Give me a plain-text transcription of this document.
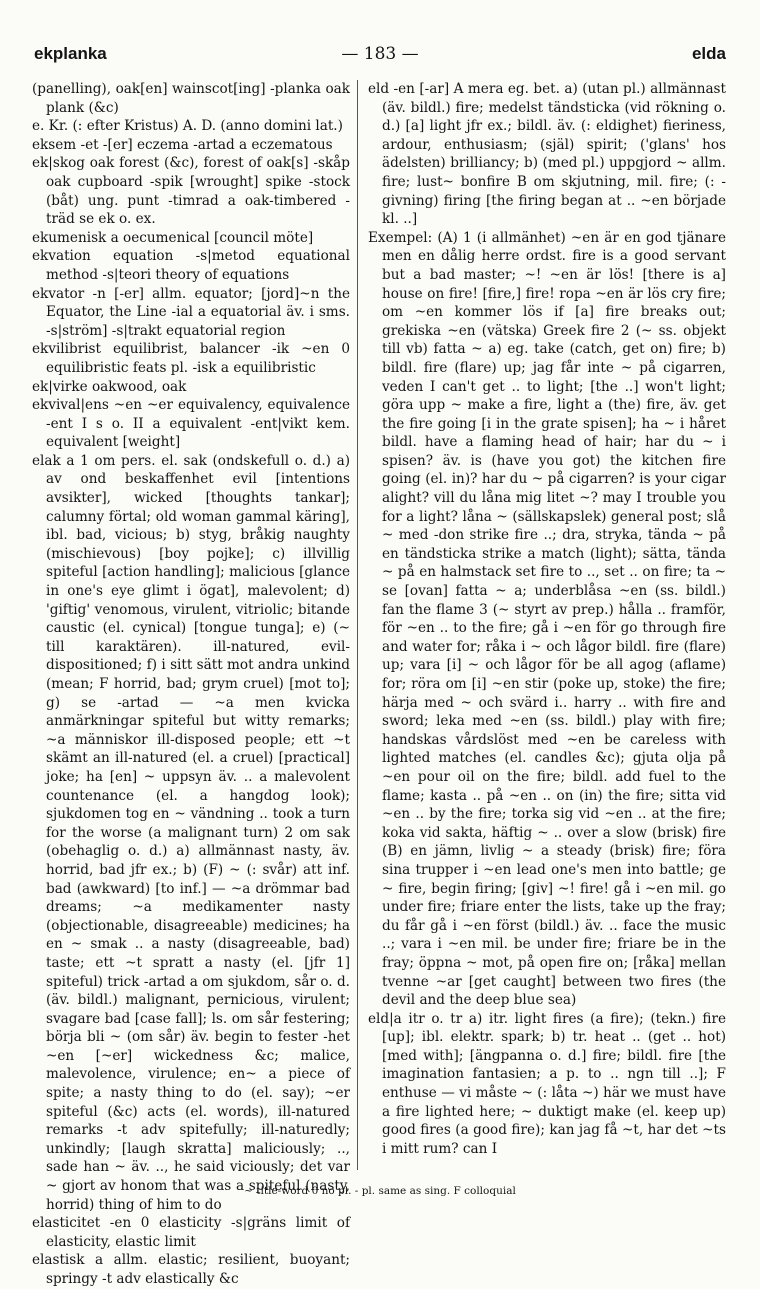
ekplanka	— 183 —	elda

(panelling), oak[en] wainscot[ing] -planka oak plank (&c)

e. Kr. (: efter Kristus) A. D. (anno domini lat.)

eksem -et -[er] eczema -artad a eczematous

ek|skog oak forest (&c), forest of oak[s] -skåp oak cupboard -spik [wrought] spike -stock (båt) ung. punt -timrad a oak-timbered -träd se ek o. ex.

ekumenisk a oecumenical [council möte]

ekvation equation -s|metod equational method -s|teori theory of equations

ekvator -n [-er] allm. equator; [jord]~n the Equator, the Line -ial a equatorial äv. i sms. -s|ström] -s|trakt equatorial region

ekvilibrist equilibrist, balancer -ik ~en 0 equilibristic feats pl. -isk a equilibristic

ek|virke oakwood, oak

ekvival|ens ~en ~er equivalency, equivalence -ent I s o. II a equivalent -ent|vikt kem. equivalent [weight]

elak a 1 om pers. el. sak (ondskefull o. d.) a) av ond beskaffenhet evil [intentions avsikter], wicked [thoughts tankar]; calumny förtal; old woman gammal käring], ibl. bad, vicious; b) styg, bråkig naughty (mischievous) [boy pojke]; c) illvillig spiteful [action handling]; malicious [glance in one's eye glimt i ögat], malevolent; d) 'giftig' venomous, virulent, vitriolic; bitande caustic (el. cynical) [tongue tunga]; e) (~ till karaktären). ill-natured, evil-dispositioned; f) i sitt sätt mot andra unkind (mean; F horrid, bad; grym cruel) [mot to]; g) se -artad — ~a men kvicka anmärkningar spiteful but witty remarks; ~a människor ill-disposed people; ett ~t skämt an ill-natured (el. a cruel) [practical] joke; ha [en] ~ uppsyn äv. .. a malevolent countenance (el. a hangdog look); sjukdomen tog en ~ vändning .. took a turn for the worse (a malignant turn) 2 om sak (obehaglig o. d.) a) allmännast nasty, äv. horrid, bad jfr ex.; b) (F) ~ (: svår) att inf. bad (awkward) [to inf.] — ~a drömmar bad dreams; ~a medikamenter nasty (objectionable, disagreeable) medicines; ha en ~ smak .. a nasty (disagreeable, bad) taste; ett ~t spratt a nasty (el. [jfr 1] spiteful) trick -artad a om sjukdom, sår o. d. (äv. bildl.) malignant, pernicious, virulent; svagare bad [case fall]; ls. om sår festering; börja bli ~ (om sår) äv. begin to fester -het ~en [~er] wickedness &c; malice, malevolence, virulence; en~ a piece of spite; a nasty thing to do (el. say); ~er spiteful (&c) acts (el. words), ill-natured remarks -t adv spitefully; ill-naturedly; unkindly; [laugh skratta] maliciously; .., sade han ~ äv. .., he said viciously; det var ~ gjort av honom that was a spiteful (nasty, horrid) thing of him to do

elasticitet -en 0 elasticity -s|gräns limit of elasticity, elastic limit

elastisk a allm. elastic; resilient, buoyant; springy -t adv elastically &c

eld -en [-ar] A mera eg. bet. a) (utan pl.) allmännast (äv. bildl.) fire; medelst tändsticka (vid rökning o. d.) [a] light jfr ex.; bildl. äv. (: eldighet) fieriness, ardour, enthusiasm; (själ) spirit; ('glans' hos ädelsten) brilliancy; b) (med pl.) uppgjord ~ allm. fire; lust~ bonfire B om skjutning, mil. fire; (: -givning) firing [the firing began at .. ~en började kl. ..]

Exempel: (A) 1 (i allmänhet) ~en är en god tjänare men en dålig herre ordst. fire is a good servant but a bad master; ~! ~en är lös! [there is a] house on fire! [fire,] fire! ropa ~en är lös cry fire; om ~en kommer lös if [a] fire breaks out; grekiska ~en (vätska) Greek fire 2 (~ ss. objekt till vb) fatta ~ a) eg. take (catch, get on) fire; b) bildl. fire (flare) up; jag får inte ~ på cigarren, veden I can't get .. to light; [the ..] won't light; göra upp ~ make a fire, light a (the) fire, äv. get the fire going [i in the grate spisen]; ha ~ i håret bildl. have a flaming head of hair; har du ~ i spisen? äv. is (have you got) the kitchen fire going (el. in)? har du ~ på cigarren? is your cigar alight? vill du låna mig litet ~? may I trouble you for a light? låna ~ (sällskapslek) general post; slå ~ med -don strike fire ..; dra, stryka, tända ~ på en tändsticka strike a match (light); sätta, tända ~ på en halmstack set fire to .., set .. on fire; ta ~ se [ovan] fatta ~ a; underblåsa ~en (ss. bildl.) fan the flame 3 (~ styrt av prep.) hålla .. framför, för ~en .. to the fire; gå i ~en för go through fire and water for; råka i ~ och lågor bildl. fire (flare) up; vara [i] ~ och lågor för be all agog (aflame) for; röra om [i] ~en stir (poke up, stoke) the fire; härja med ~ och svärd i.. harry .. with fire and sword; leka med ~en (ss. bildl.) play with fire; handskas vårdslöst med ~en be careless with lighted matches (el. candles &c); gjuta olja på ~en pour oil on the fire; bildl. add fuel to the flame; kasta .. på ~en .. on (in) the fire; sitta vid ~en .. by the fire; torka sig vid ~en .. at the fire; koka vid sakta, häftig ~ .. over a slow (brisk) fire (B) en jämn, livlig ~ a steady (brisk) fire; föra sina trupper i ~en lead one's men into battle; ge ~ fire, begin firing; [giv] ~! fire! gå i ~en mil. go under fire; friare enter the lists, take up the fray; du får gå i ~en först (bildl.) äv. .. face the music ..; vara i ~en mil. be under fire; friare be in the fray; öppna ~ mot, på open fire on; [råka] mellan tvenne ~ar [get caught] between two fires (the devil and the deep blue sea)

eld|a itr o. tr a) itr. light fires (a fire); (tekn.) fire [up]; ibl. elektr. spark; b) tr. heat .. (get .. hot) [med with]; [ängpanna o. d.] fire; bildl. fire [the imagination fantasien; a p. to .. ngn till ..]; F enthuse — vi måste ~ (: låta ~) här we must have a fire lighted here; ~ duktigt make (el. keep up) good fires (a good fire); kan jag få ~t, har det ~ts i mitt rum? can I

~ title-word 0 no pl. - pl. same as sing. F colloquial
